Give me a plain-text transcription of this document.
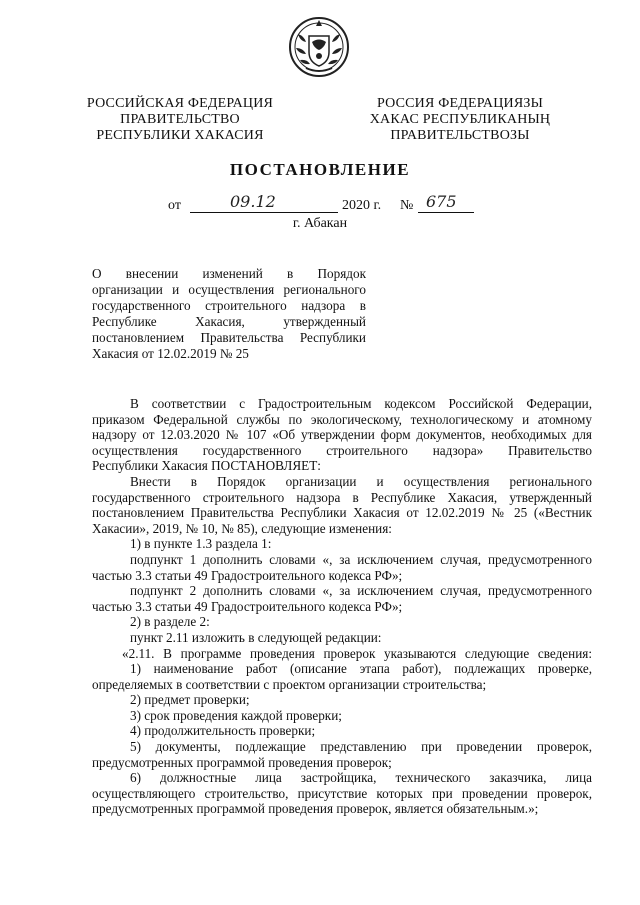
РОССИЙСКАЯ ФЕДЕРАЦИЯ
ПРАВИТЕЛЬСТВО
РЕСПУБЛИКИ ХАКАСИЯ
РОССИЯ ФЕДЕРАЦИЯЗЫ
ХАКАС РЕСПУБЛИКАНЫҢ
ПРАВИТЕЛЬСТВОЗЫ
ПОСТАНОВЛЕНИЕ
от	09.12	2020 г. № 675
г. Абакан
О внесении изменений в Порядок
организации и осуществления регионального
государственного строительного надзора в
Республике Хакасия, утвержденный
постановлением Правительства Республики
Хакасия от 12.02.2019 № 25
В соответствии с Градостроительным кодексом Российской Федерации,
приказом Федеральной службы по экологическому, технологическому и атомному
надзору от 12.03.2020 № 107 «Об утверждении форм документов, необходимых для
осуществления государственного строительного надзора» Правительство
Республики Хакасия ПОСТАНОВЛЯЕТ:
Внести в Порядок организации и осуществления регионального
государственного строительного надзора в Республике Хакасия, утвержденный
постановлением Правительства Республики Хакасия от 12.02.2019 № 25 («Вестник
Хакасии», 2019, № 10, № 85), следующие изменения:
1) в пункте 1.3 раздела 1:
подпункт 1 дополнить словами «, за исключением случая, предусмотренного
частью 3.3 статьи 49 Градостроительного кодекса РФ»;
подпункт 2 дополнить словами «, за исключением случая, предусмотренного
частью 3.3 статьи 49 Градостроительного кодекса РФ»;
2) в разделе 2:
пункт 2.11 изложить в следующей редакции:
«2.11. В программе проведения проверок указываются следующие сведения:
1) наименование работ (описание этапа работ), подлежащих проверке,
определяемых в соответствии с проектом организации строительства;
2) предмет проверки;
3) срок проведения каждой проверки;
4) продолжительность проверки;
5) документы, подлежащие представлению при проведении проверок,
предусмотренных программой проведения проверок;
6) должностные лица застройщика, технического заказчика, лица
осуществляющего строительство, присутствие которых при проведении проверок,
предусмотренных программой проведения проверок, является обязательным.»;
